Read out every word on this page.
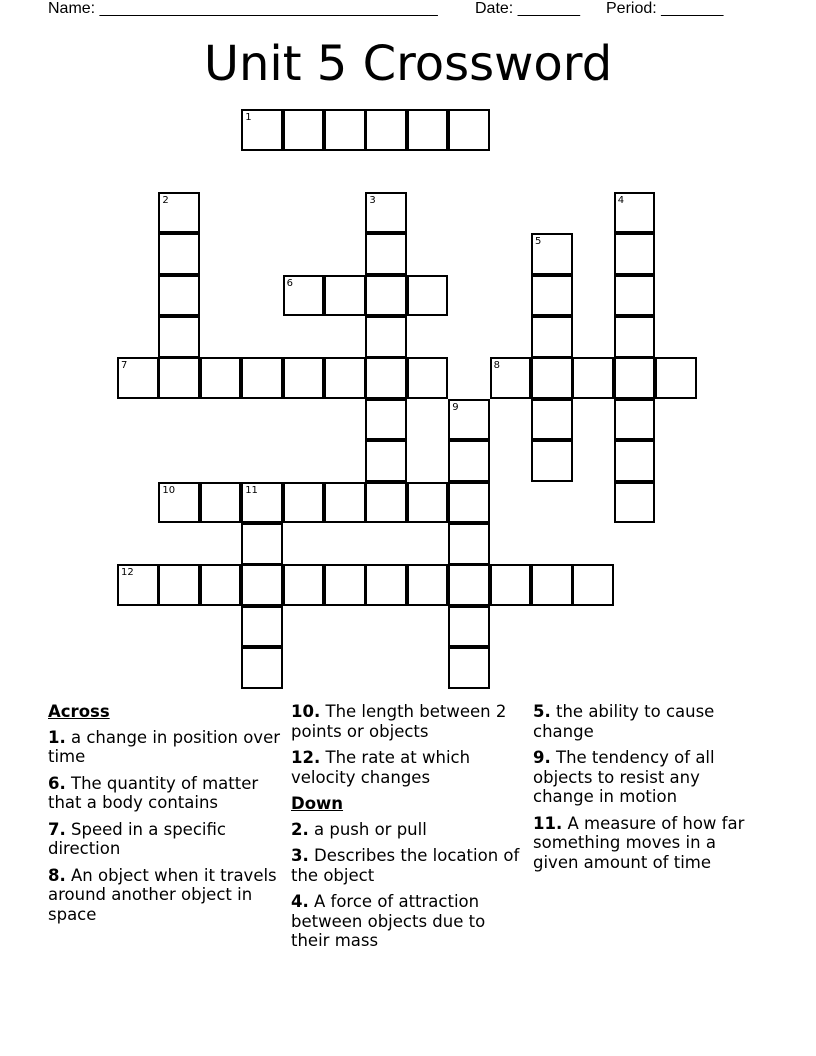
Name: ______________________________________ Date: _______ Period: _______
Unit 5 Crossword
1
6
7	8
10	11
12
2	3	4
5
9
Across
1. a change in position over time
6. The quantity of matter that a body contains
7. Speed in a specific direction
8. An object when it travels around another object in space
10. The length between 2 points or objects
12. The rate at which velocity changes
Down
2. a push or pull
3. Describes the location of the object
4. A force of attraction between objects due to their mass
5. the ability to cause change
9. The tendency of all objects to resist any change in motion
11. A measure of how far something moves in a given amount of time
